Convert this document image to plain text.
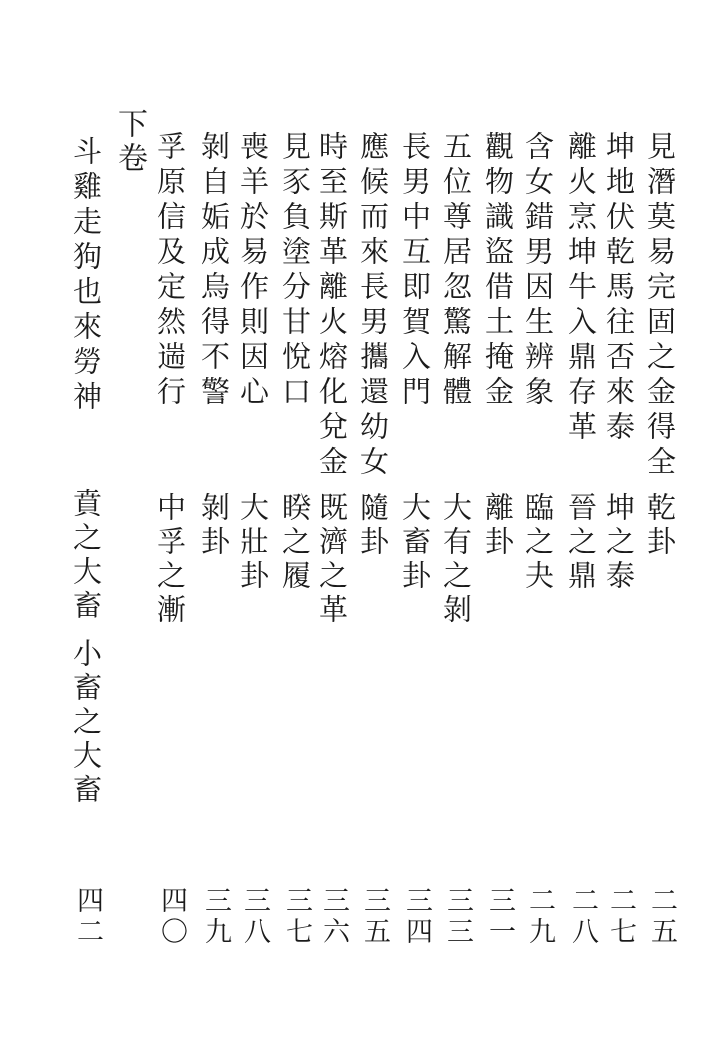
見潛莫易完固之金得全
乾卦
二五
坤地伏乾馬往否來泰
坤之泰
二七
離火烹坤牛入鼎存革
晉之鼎
二八
含女錯男因生辨象
臨之夬
二九
觀物識盜借土掩金
離卦
三一
五位尊居忽驚解體
大有之剝
三三
長男中互即賀入門
大畜卦
三四
應候而來長男攜還幼女
隨卦
三五
時至斯革離火熔化兌金
既濟之革
三六
見豕負塗分甘悅口
睽之履
三七
喪羊於易作則因心
大壯卦
三八
剝自姤成烏得不警
剝卦
三九
孚原信及定然遄行
中孚之漸
四〇
下卷
斗雞走狗也來勞神
賁之大畜
小畜之大畜
四二
